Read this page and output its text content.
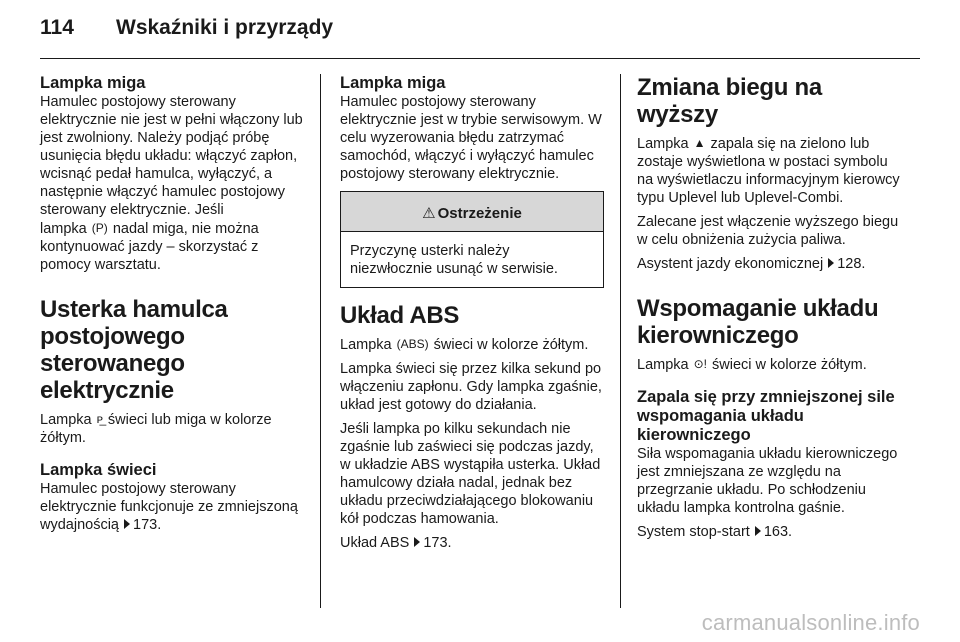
114	Wskaźniki i przyrządy

Lampka miga

Hamulec postojowy sterowany elektrycznie nie jest w pełni włączony lub jest zwolniony. Należy podjąć próbę usunięcia błędu układu: włączyć zapłon, wcisnąć pedał hamulca, wyłączyć, a następnie włączyć hamulec postojowy sterowany elektrycznie. Jeśli
lampka (P) nadal miga, nie można kontynuować jazdy – skorzystać z pomocy warsztatu.

Usterka hamulca postojowego sterowanego elektrycznie

Lampka ᴘ̲ świeci lub miga w kolorze żółtym.

Lampka świeci

Hamulec postojowy sterowany elektrycznie funkcjonuje ze zmniejszoną wydajnością 173.

Lampka miga

Hamulec postojowy sterowany elektrycznie jest w trybie serwisowym. W celu wyzerowania błędu zatrzymać samochód, włączyć i wyłączyć hamulec postojowy sterowany elektrycznie.

⚠ Ostrzeżenie
Przyczynę usterki należy niezwłocznie usunąć w serwisie.

Układ ABS

Lampka (ABS) świeci w kolorze żółtym.

Lampka świeci się przez kilka sekund po włączeniu zapłonu. Gdy lampka zgaśnie, układ jest gotowy do działania.

Jeśli lampka po kilku sekundach nie zgaśnie lub zaświeci się podczas jazdy, w układzie ABS wystąpiła usterka. Układ hamulcowy działa nadal, jednak bez układu przeciwdziałającego blokowaniu kół podczas hamowania.

Układ ABS 173.

Zmiana biegu na wyższy

Lampka ▲ zapala się na zielono lub zostaje wyświetlona w postaci symbolu na wyświetlaczu informacyjnym kierowcy typu Uplevel lub Uplevel-Combi.

Zalecane jest włączenie wyższego biegu w celu obniżenia zużycia paliwa.

Asystent jazdy ekonomicznej 128.

Wspomaganie układu kierowniczego

Lampka ⊙! świeci w kolorze żółtym.

Zapala się przy zmniejszonej sile wspomagania układu kierowniczego

Siła wspomagania układu kierowniczego jest zmniejszana ze względu na przegrzanie układu. Po schłodzeniu układu lampka kontrolna gaśnie.

System stop-start 163.

carmanualsonline.info
